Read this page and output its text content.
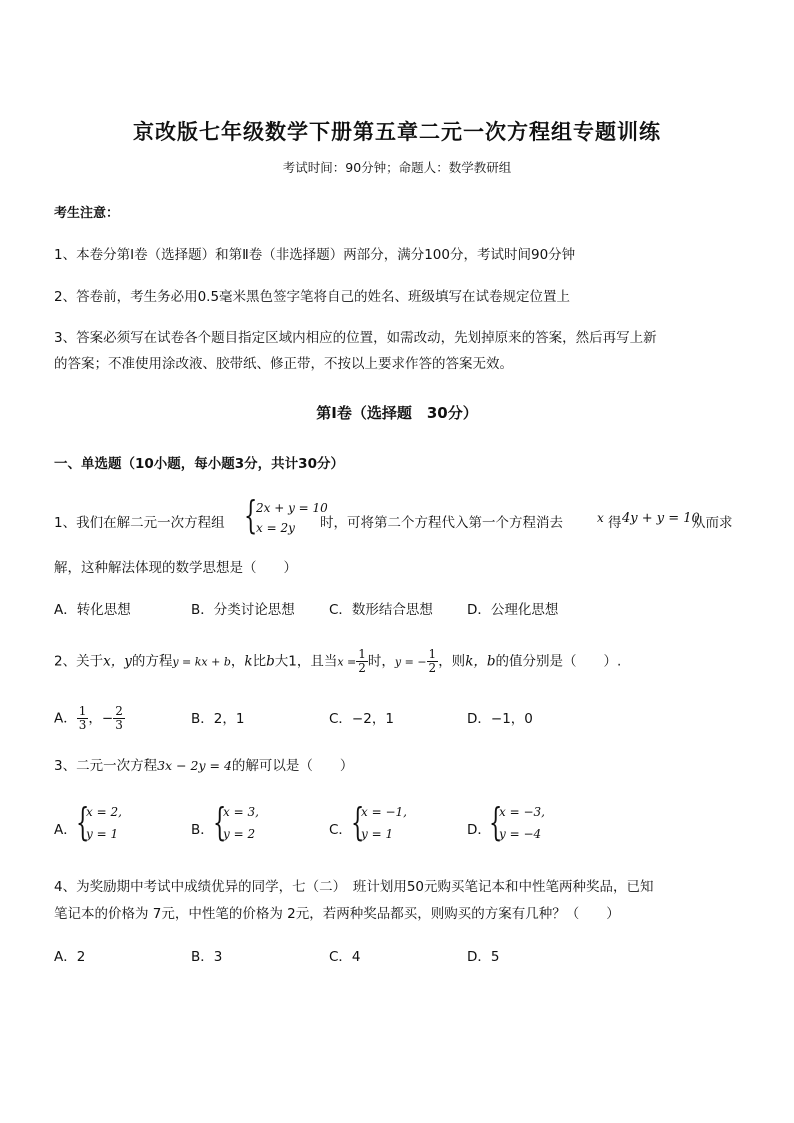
京改版七年级数学下册第五章二元一次方程组专题训练
考试时间：90分钟；命题人：数学教研组
考生注意：
1、本卷分第Ⅰ卷（选择题）和第Ⅱ卷（非选择题）两部分，满分100分，考试时间90分钟
2、答卷前，考生务必用0.5毫米黑色签字笔将自己的姓名、班级填写在试卷规定位置上
3、答案必须写在试卷各个题目指定区域内相应的位置，如需改动，先划掉原来的答案，然后再写上新
的答案；不准使用涂改液、胶带纸、修正带，不按以上要求作答的答案无效。
第Ⅰ卷（选择题　30分）
一、单选题（10小题，每小题3分，共计30分）
1、我们在解二元一次方程组 {
2x + y = 10
x = 2y 时，可将第二个方程代入第一个方程消去	x 得 4y + y = 10
从而求
解，这种解法体现的数学思想是（　　）
A．转化思想	B．分类讨论思想	C．数形结合思想	D．公理化思想
2、关于x，y的方程y = kx + b，k比b大1，且当$x = \frac{1}{2}$ 时，y = − $\frac{1}{2}$ ，则k，b的值分别是（　　）.
A． $\frac{1}{3}$ ，− $\frac{2}{3}$	B．2，1	C．−2，1	D．−1，0
3、二元一次方程3x − 2y = 4的解可以是（　　）
A． {
x = 2,
y = 1	B． {
x = 3,
y = 2	C． {
x = −1,
y = 1	D．
{
x = −3,
y = −4
4、为奖励期中考试中成绩优异的同学，七（二）　班计划用50元购买笔记本和中性笔两种奖品，已知
笔记本的价格为 7元，中性笔的价格为 2元，若两种奖品都买，则购买的方案有几种？（　　）
A．2	B．3	C．4	D．5
